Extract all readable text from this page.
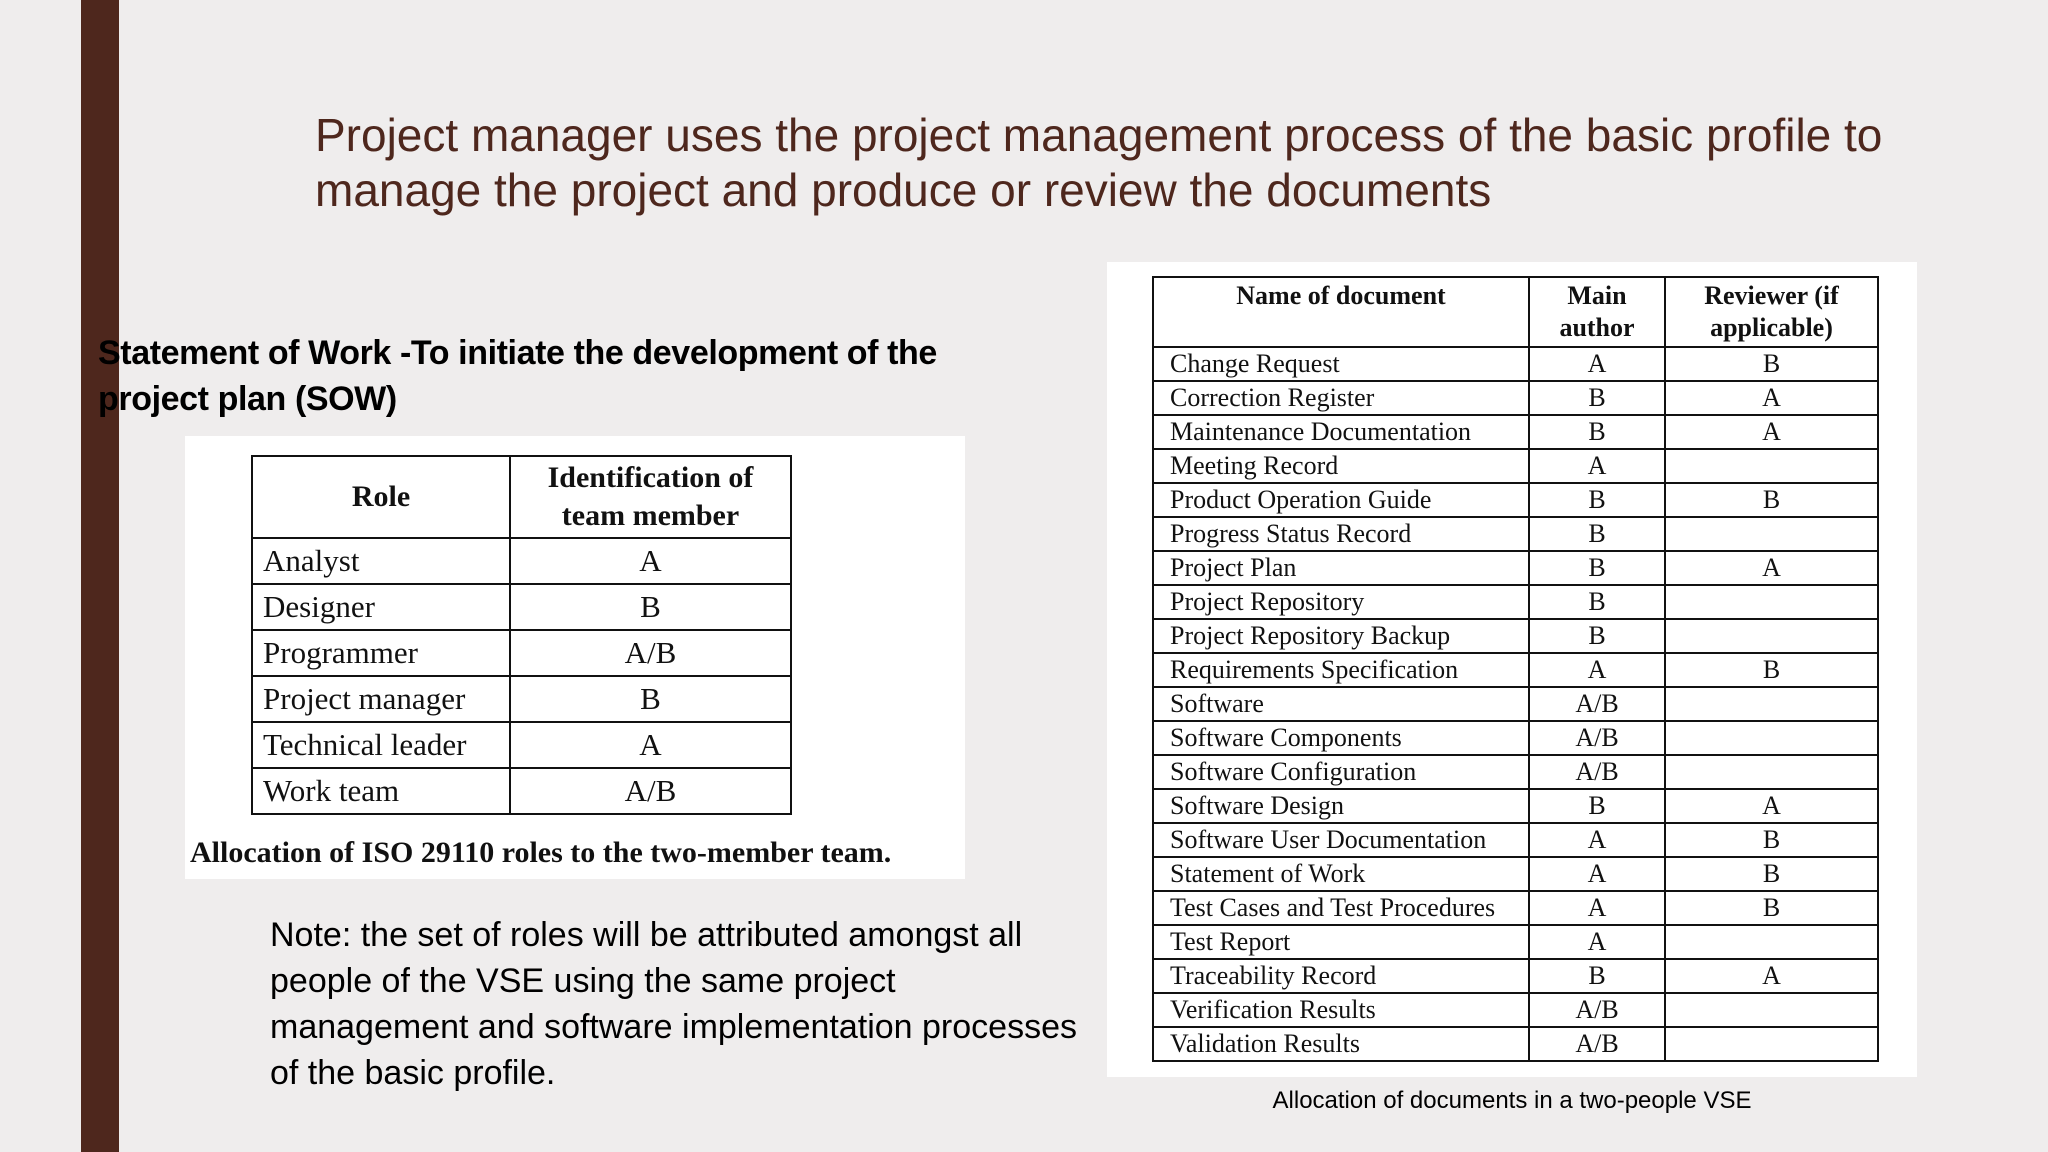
Project manager uses the project management process of the basic profile to manage the project and produce or review the documents

Statement of Work -To initiate the development of the project plan (SOW)

Role	Identification of team member
Analyst	A
Designer	B
Programmer	A/B
Project manager	B
Technical leader	A
Work team	A/B
Allocation of ISO 29110 roles to the two-member team.

Note: the set of roles will be attributed amongst all people of the VSE using the same project management and software implementation processes of the basic profile.

Name of document	Main author	Reviewer (if applicable)
Change Request	A	B
Correction Register	B	A
Maintenance Documentation	B	A
Meeting Record	A	
Product Operation Guide	B	B
Progress Status Record	B	
Project Plan	B	A
Project Repository	B	
Project Repository Backup	B	
Requirements Specification	A	B
Software	A/B	
Software Components	A/B	
Software Configuration	A/B	
Software Design	B	A
Software User Documentation	A	B
Statement of Work	A	B
Test Cases and Test Procedures	A	B
Test Report	A	
Traceability Record	B	A
Verification Results	A/B	
Validation Results	A/B	
Allocation of documents in a two-people VSE
